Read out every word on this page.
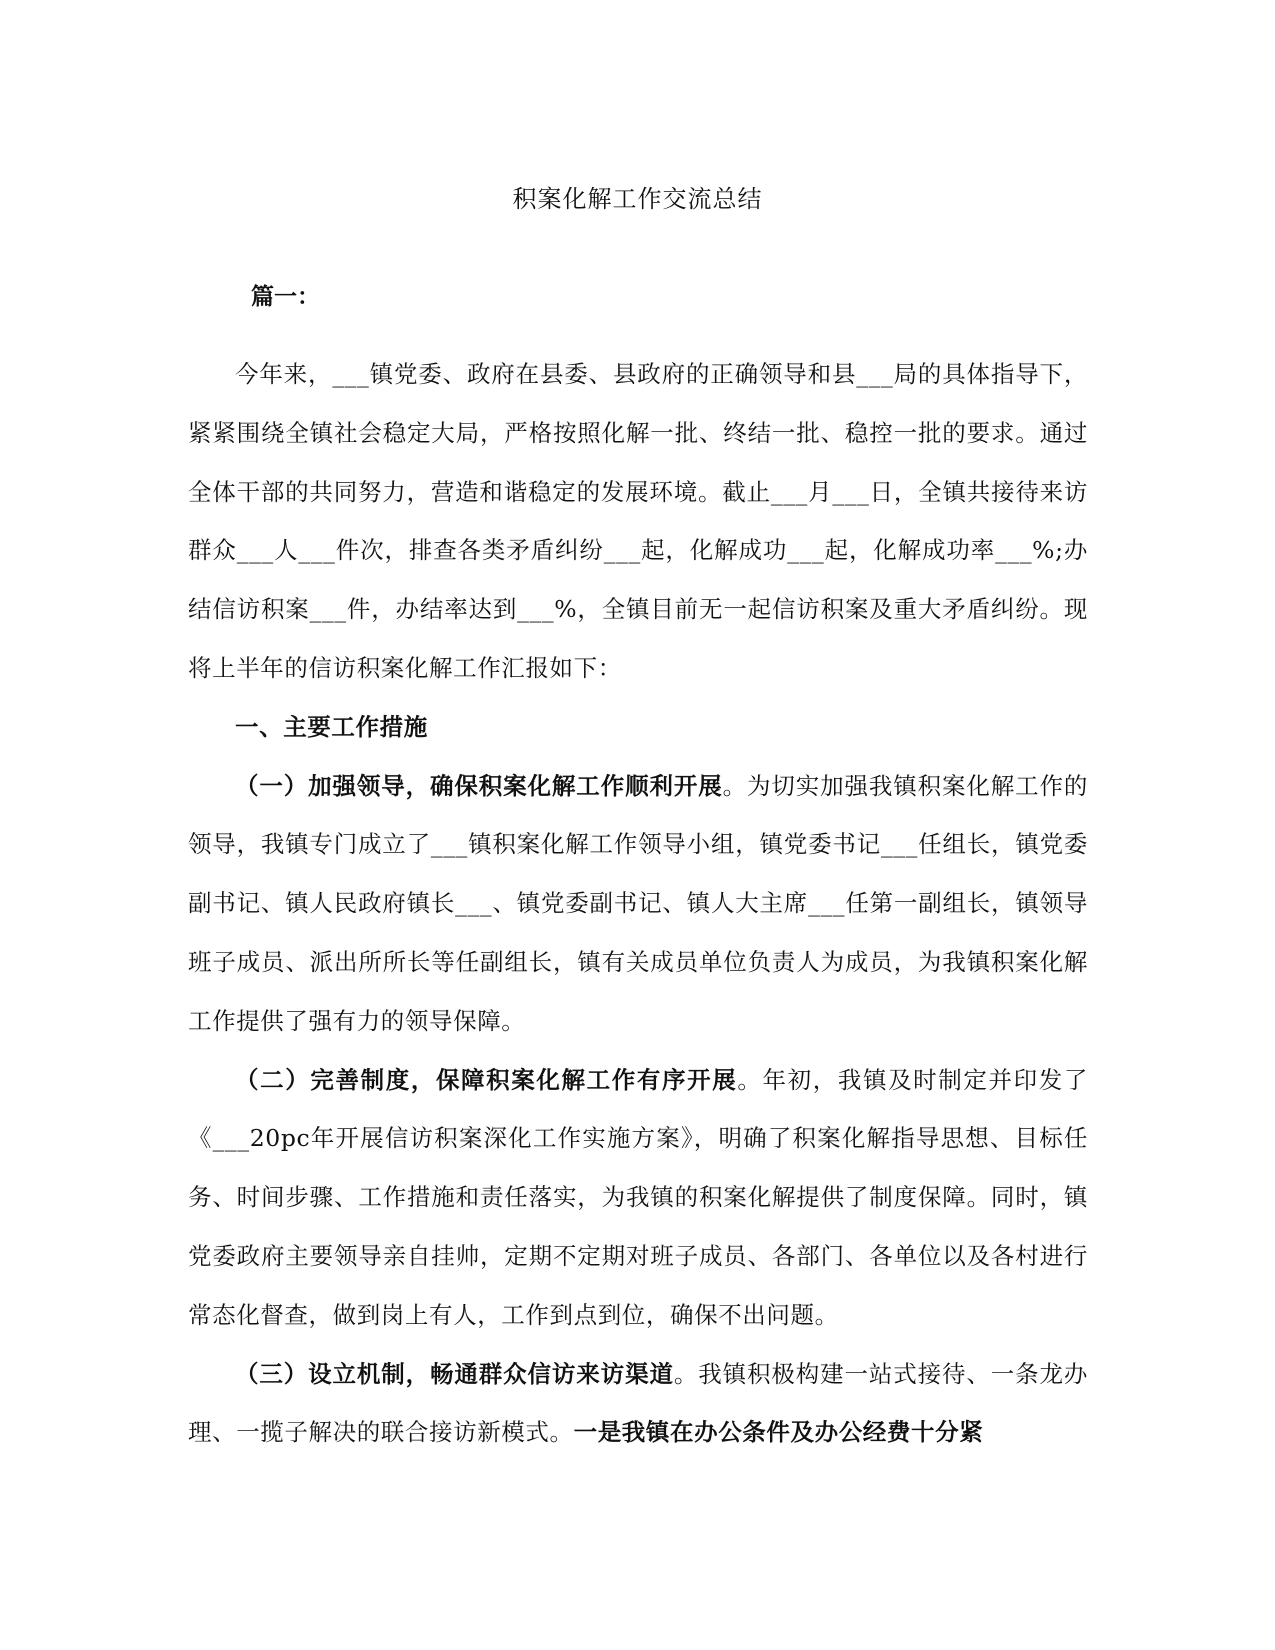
积案化解工作交流总结
篇一：

今年来，___镇党委、政府在县委、县政府的正确领导和县___局的具体指导下，紧紧围绕全镇社会稳定大局，严格按照化解一批、终结一批、稳控一批的要求。通过全体干部的共同努力，营造和谐稳定的发展环境。截止___月___日，全镇共接待来访群众___人___件次，排查各类矛盾纠纷___起，化解成功___起，化解成功率___%;办结信访积案___件，办结率达到___%，全镇目前无一起信访积案及重大矛盾纠纷。现将上半年的信访积案化解工作汇报如下：

一、主要工作措施

（一）加强领导，确保积案化解工作顺利开展。为切实加强我镇积案化解工作的领导，我镇专门成立了___镇积案化解工作领导小组，镇党委书记___任组长，镇党委副书记、镇人民政府镇长___、镇党委副书记、镇人大主席___任第一副组长，镇领导班子成员、派出所所长等任副组长，镇有关成员单位负责人为成员，为我镇积案化解工作提供了强有力的领导保障。

（二）完善制度，保障积案化解工作有序开展。年初，我镇及时制定并印发了《___20pc年开展信访积案深化工作实施方案》，明确了积案化解指导思想、目标任务、时间步骤、工作措施和责任落实，为我镇的积案化解提供了制度保障。同时，镇党委政府主要领导亲自挂帅，定期不定期对班子成员、各部门、各单位以及各村进行常态化督查，做到岗上有人，工作到点到位，确保不出问题。

（三）设立机制，畅通群众信访来访渠道。我镇积极构建一站式接待、一条龙办理、一揽子解决的联合接访新模式。一是我镇在办公条件及办公经费十分紧
